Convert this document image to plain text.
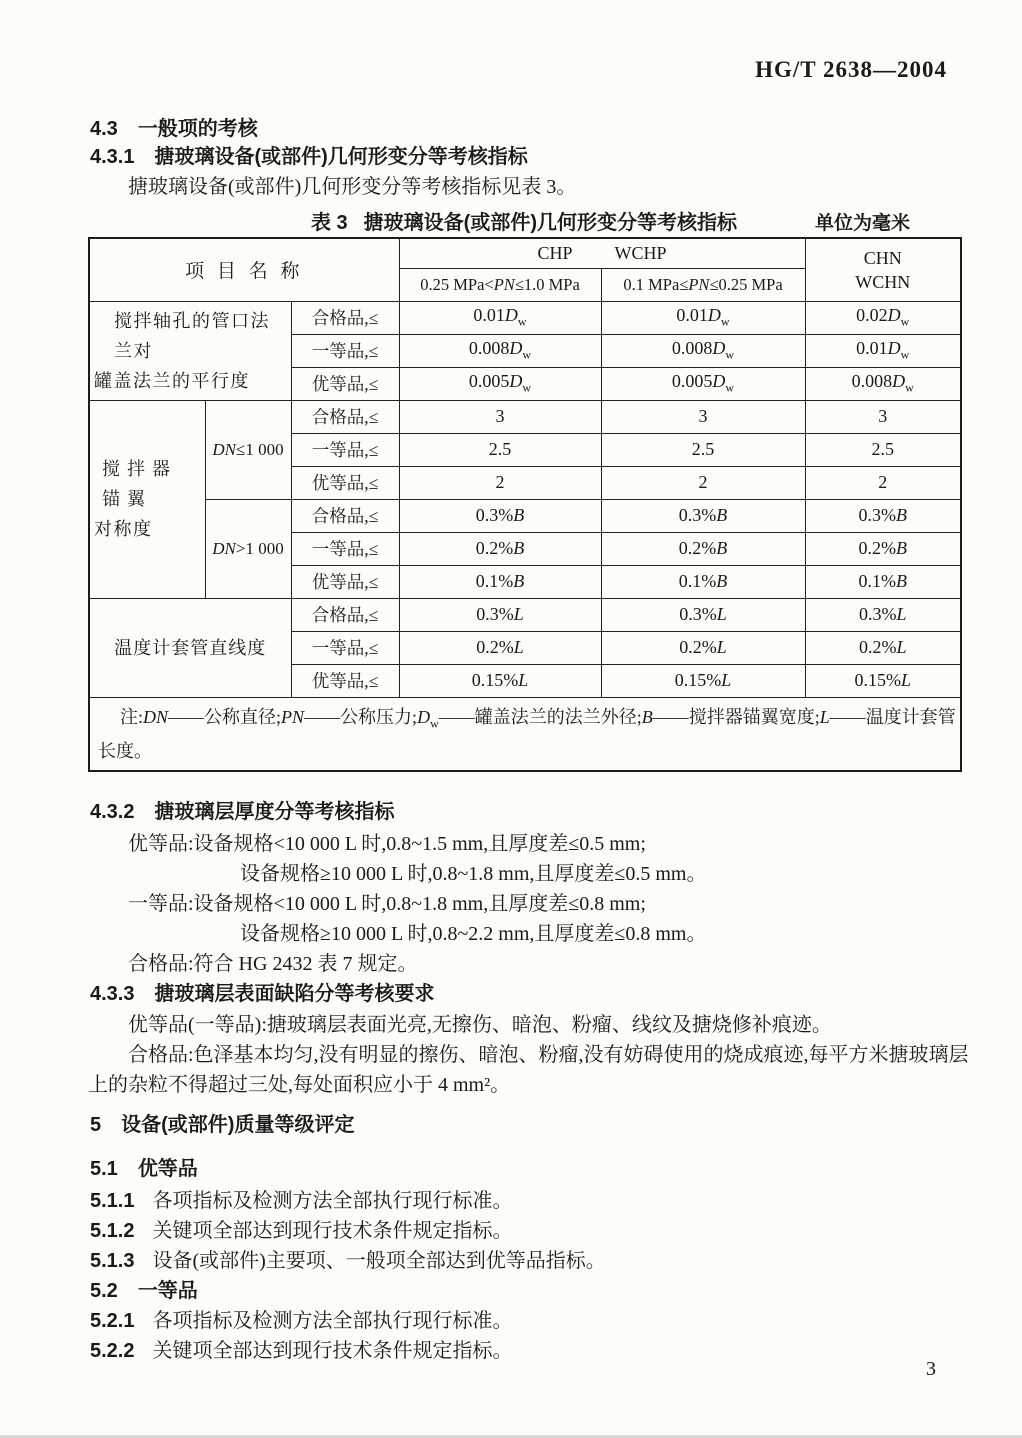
HG/T 2638—2004
4.3 一般项的考核
4.3.1 搪玻璃设备(或部件)几何形变分等考核指标
搪玻璃设备(或部件)几何形变分等考核指标见表 3。
表 3 搪玻璃设备(或部件)几何形变分等考核指标	单位为毫米
项 目 名 称			CHP WCHP		CHN
WCHN

			0.25 MPa<PN≤1.0 MPa	0.1 MPa≤PN≤0.25 MPa	

搅拌轴孔的管口法兰对
罐盖法兰的平行度		合格品,≤	$0.01D_w$	$0.01D_w$	$0.02D_w$
		一等品,≤	$0.008D_w$	$0.008D_w$	$0.01D_w$
		优等品,≤	$0.005D_w$	$0.005D_w$	$0.008D_w$

搅拌器锚翼
对称度	DN≤1 000	合格品,≤	3	3	3
		一等品,≤	2.5	2.5	2.5
		优等品,≤	2	2	2
	DN>1 000	合格品,≤	0.3%B	0.3%B	0.3%B
		一等品,≤	0.2%B	0.2%B	0.2%B
		优等品,≤	0.1%B	0.1%B	0.1%B

温度计套管直线度		合格品,≤	0.3%L	0.3%L	0.3%L
		一等品,≤	0.2%L	0.2%L	0.2%L
		优等品,≤	0.15%L	0.15%L	0.15%L

注:DN——公称直径;PN——公称压力$;D_w——$罐盖法兰的法兰外径;B——搅拌器锚翼宽度;L——温度计套管
长度。					
4.3.2 搪玻璃层厚度分等考核指标
优等品:设备规格<10 000 L 时,0.8~1.5 mm,且厚度差≤0.5 mm;
设备规格≥10 000 L 时,0.8~1.8 mm,且厚度差≤0.5 mm。
一等品:设备规格<10 000 L 时,0.8~1.8 mm,且厚度差≤0.8 mm;
设备规格≥10 000 L 时,0.8~2.2 mm,且厚度差≤0.8 mm。
合格品:符合 HG 2432 表 7 规定。
4.3.3 搪玻璃层表面缺陷分等考核要求
优等品(一等品):搪玻璃层表面光亮,无擦伤、暗泡、粉瘤、线纹及搪烧修补痕迹。
合格品:色泽基本均匀,没有明显的擦伤、暗泡、粉瘤,没有妨碍使用的烧成痕迹,每平方米搪玻璃层
上的杂粒不得超过三处,每处面积应小于 4 mm²。
5 设备(或部件)质量等级评定
5.1 优等品
5.1.1 各项指标及检测方法全部执行现行标准。
5.1.2 关键项全部达到现行技术条件规定指标。
5.1.3 设备(或部件)主要项、一般项全部达到优等品指标。
5.2 一等品
5.2.1 各项指标及检测方法全部执行现行标准。
5.2.2 关键项全部达到现行技术条件规定指标。
3
